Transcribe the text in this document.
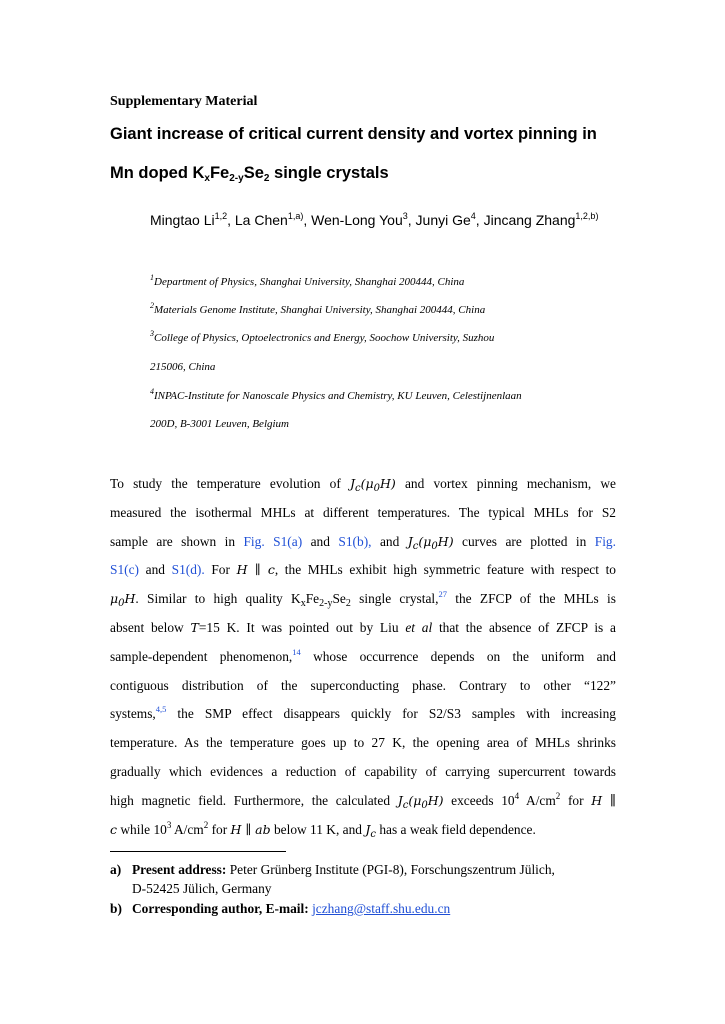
Supplementary Material
Giant increase of critical current density and vortex pinning in
Mn doped $K_xFe_{2-y}Se_2$ single crystals
Mingtao Li$^{1,2}$, La Chen$^{1,a)}$, Wen-Long You$^3$, Junyi Ge$^4$, Jincang Zhang$^{1,2,b)}$
$^1$Department of Physics, Shanghai University, Shanghai 200444, China
$^2$Materials Genome Institute, Shanghai University, Shanghai 200444, China
$^3$College of Physics, Optoelectronics and Energy, Soochow University, Suzhou
215006, China
$^4$INPAC-Institute for Nanoscale Physics and Chemistry, KU Leuven, Celestijnenlaan
200D, B-3001 Leuven, Belgium
To study the temperature evolution of $J_c(\mu_0H)$ and vortex pinning mechanism, we
measured the isothermal MHLs at different temperatures. The typical MHLs for S2
sample are shown in Fig. S1(a) and S1(b), and $J_c(\mu_0H)$ curves are plotted in Fig.
S1(c) and S1(d). For H ∥ c, the MHLs exhibit high symmetric feature with respect to
$\mu_0H$. Similar to high quality $K_xFe_{2-y}Se_2$ single crystal,$^{27}$ the ZFCP of the MHLs is
absent below T=15 K. It was pointed out by Liu et al that the absence of ZFCP is a
sample-dependent phenomenon,$^{14}$ whose occurrence depends on the uniform and
contiguous distribution of the superconducting phase. Contrary to other “122”
systems,$^{4,5}$ the SMP effect disappears quickly for S2/S3 samples with increasing
temperature. As the temperature goes up to 27 K, the opening area of MHLs shrinks
gradually which evidences a reduction of capability of carrying supercurrent towards
high magnetic field. Furthermore, the calculated $J_c(\mu_0H)$ exceeds $10^4$ $A/cm^2$ for H ∥
c while $10^3$ $A/cm^2$ for H ∥ ab below 11 K, and $J_c$ has a weak field dependence.
a) Present address: Peter Grünberg Institute (PGI-8), Forschungszentrum Jülich,
D-52425 Jülich, Germany
b) Corresponding author, E-mail: jczhang@staff.shu.edu.cn
